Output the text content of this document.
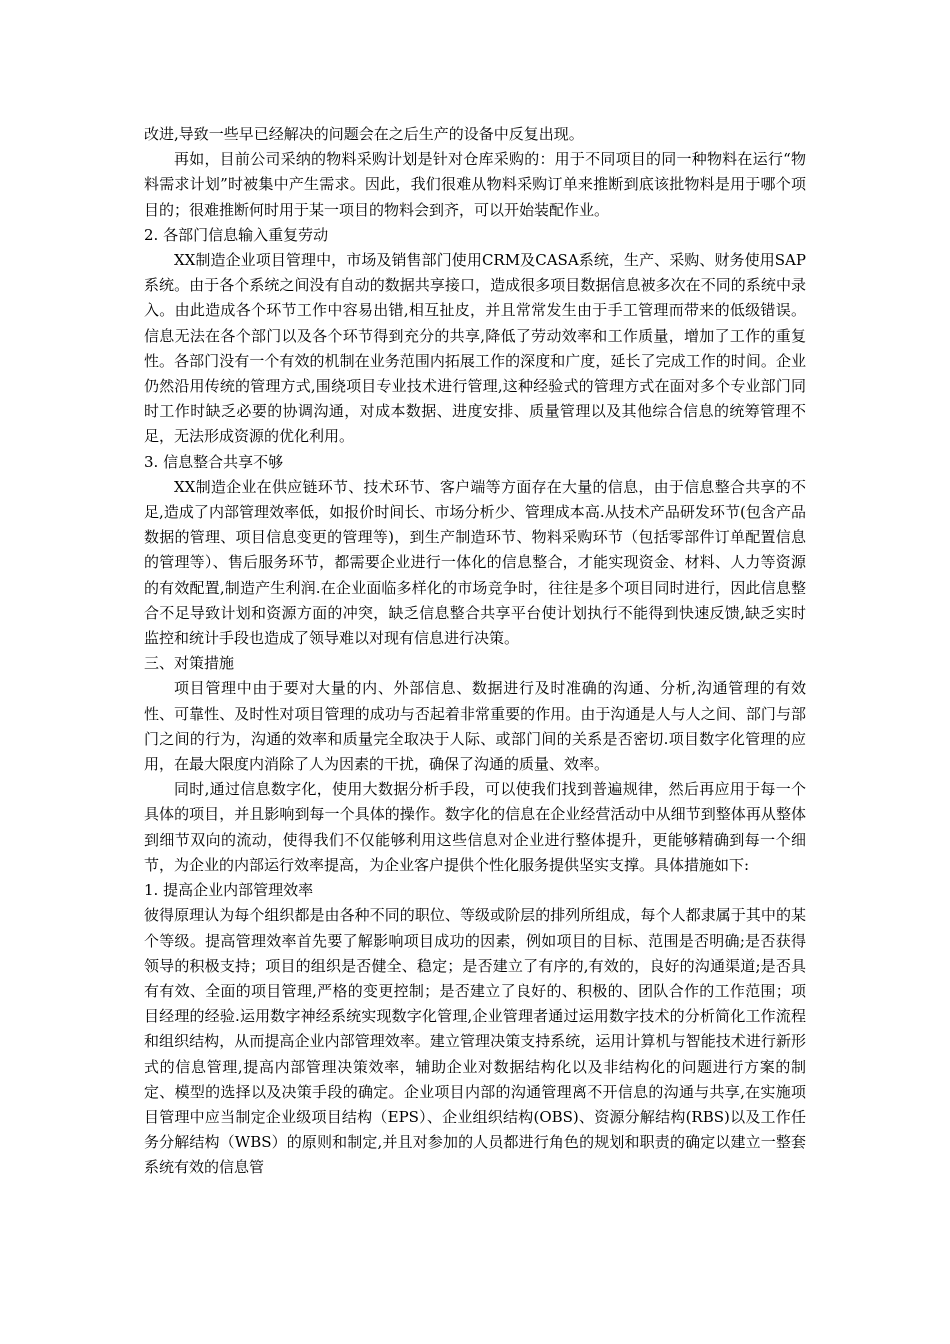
改进,导致一些早已经解决的问题会在之后生产的设备中反复出现。

再如，目前公司采纳的物料采购计划是针对仓库采购的：用于不同项目的同一种物料在运行“物料需求计划”时被集中产生需求。因此，我们很难从物料采购订单来推断到底该批物料是用于哪个项目的；很难推断何时用于某一项目的物料会到齐，可以开始装配作业。

2. 各部门信息输入重复劳动

XX制造企业项目管理中，市场及销售部门使用CRM及CASA系统，生产、采购、财务使用SAP系统。由于各个系统之间没有自动的数据共享接口，造成很多项目数据信息被多次在不同的系统中录入。由此造成各个环节工作中容易出错,相互扯皮，并且常常发生由于手工管理而带来的低级错误。信息无法在各个部门以及各个环节得到充分的共享,降低了劳动效率和工作质量，增加了工作的重复性。各部门没有一个有效的机制在业务范围内拓展工作的深度和广度，延长了完成工作的时间。企业仍然沿用传统的管理方式,围绕项目专业技术进行管理,这种经验式的管理方式在面对多个专业部门同时工作时缺乏必要的协调沟通，对成本数据、进度安排、质量管理以及其他综合信息的统筹管理不足，无法形成资源的优化利用。

3. 信息整合共享不够

XX制造企业在供应链环节、技术环节、客户端等方面存在大量的信息，由于信息整合共享的不足,造成了内部管理效率低，如报价时间长、市场分析少、管理成本高.从技术产品研发环节(包含产品数据的管理、项目信息变更的管理等)，到生产制造环节、物料采购环节（包括零部件订单配置信息的管理等）、售后服务环节，都需要企业进行一体化的信息整合，才能实现资金、材料、人力等资源的有效配置,制造产生利润.在企业面临多样化的市场竞争时，往往是多个项目同时进行，因此信息整合不足导致计划和资源方面的冲突，缺乏信息整合共享平台使计划执行不能得到快速反馈,缺乏实时监控和统计手段也造成了领导难以对现有信息进行决策。

三、对策措施

项目管理中由于要对大量的内、外部信息、数据进行及时准确的沟通、分析,沟通管理的有效性、可靠性、及时性对项目管理的成功与否起着非常重要的作用。由于沟通是人与人之间、部门与部门之间的行为，沟通的效率和质量完全取决于人际、或部门间的关系是否密切.项目数字化管理的应用，在最大限度内消除了人为因素的干扰，确保了沟通的质量、效率。

同时,通过信息数字化，使用大数据分析手段，可以使我们找到普遍规律，然后再应用于每一个具体的项目，并且影响到每一个具体的操作。数字化的信息在企业经营活动中从细节到整体再从整体到细节双向的流动，使得我们不仅能够利用这些信息对企业进行整体提升，更能够精确到每一个细节，为企业的内部运行效率提高，为企业客户提供个性化服务提供坚实支撑。具体措施如下:

1. 提高企业内部管理效率

彼得原理认为每个组织都是由各种不同的职位、等级或阶层的排列所组成，每个人都隶属于其中的某个等级。提高管理效率首先要了解影响项目成功的因素，例如项目的目标、范围是否明确;是否获得领导的积极支持；项目的组织是否健全、稳定；是否建立了有序的,有效的，良好的沟通渠道;是否具有有效、全面的项目管理,严格的变更控制；是否建立了良好的、积极的、团队合作的工作范围；项目经理的经验.运用数字神经系统实现数字化管理,企业管理者通过运用数字技术的分析简化工作流程和组织结构，从而提高企业内部管理效率。建立管理决策支持系统，运用计算机与智能技术进行新形式的信息管理,提高内部管理决策效率，辅助企业对数据结构化以及非结构化的问题进行方案的制定、模型的选择以及决策手段的确定。企业项目内部的沟通管理离不开信息的沟通与共享,在实施项目管理中应当制定企业级项目结构（EPS）、企业组织结构(OBS)、资源分解结构(RBS)以及工作任务分解结构（WBS）的原则和制定,并且对参加的人员都进行角色的规划和职责的确定以建立一整套系统有效的信息管
